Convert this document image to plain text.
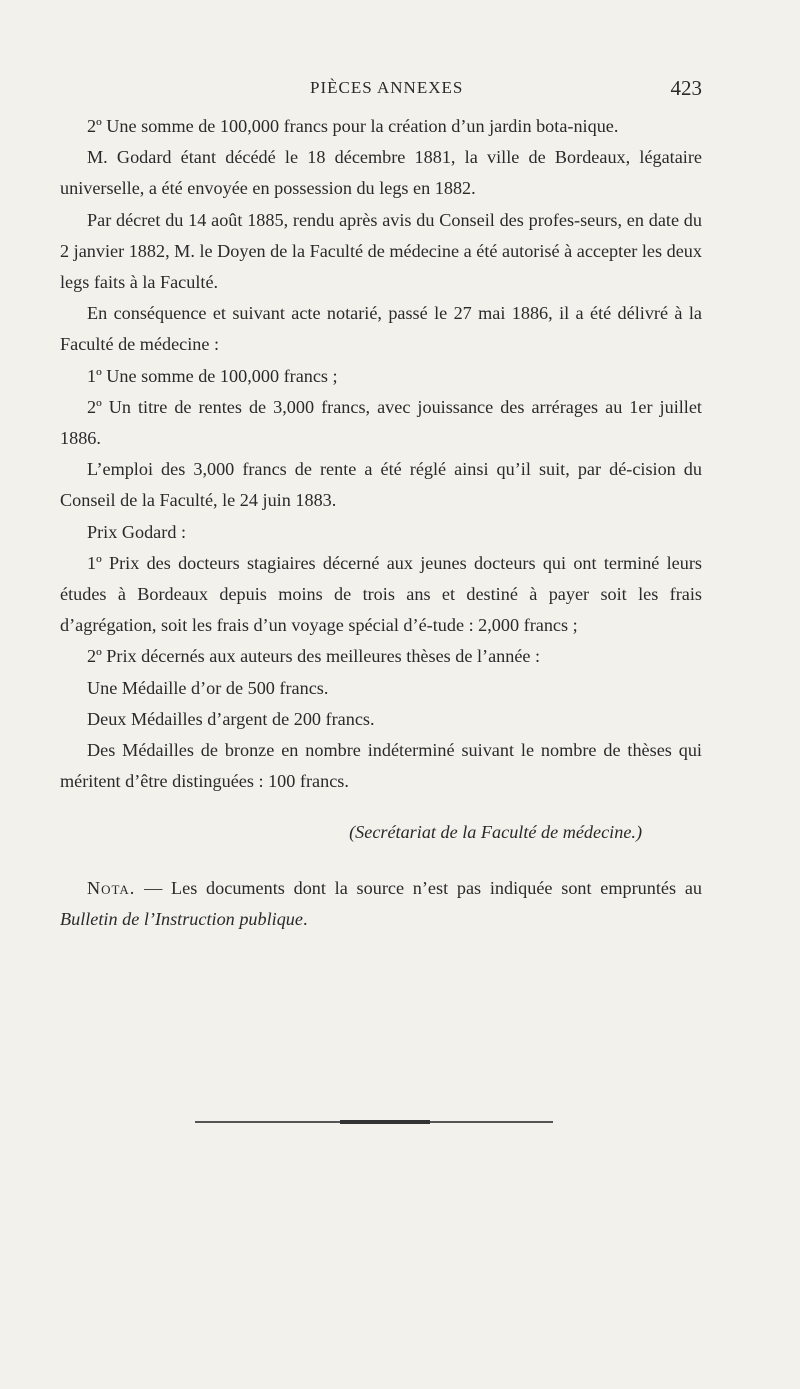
PIÈCES ANNEXES	423

2º Une somme de 100,000 francs pour la création d’un jardin bota-nique.

M. Godard étant décédé le 18 décembre 1881, la ville de Bordeaux, légataire universelle, a été envoyée en possession du legs en 1882.

Par décret du 14 août 1885, rendu après avis du Conseil des profes-seurs, en date du 2 janvier 1882, M. le Doyen de la Faculté de médecine a été autorisé à accepter les deux legs faits à la Faculté.

En conséquence et suivant acte notarié, passé le 27 mai 1886, il a été délivré à la Faculté de médecine :

1º Une somme de 100,000 francs ;

2º Un titre de rentes de 3,000 francs, avec jouissance des arrérages au 1er juillet 1886.

L’emploi des 3,000 francs de rente a été réglé ainsi qu’il suit, par dé-cision du Conseil de la Faculté, le 24 juin 1883.

Prix Godard :

1º Prix des docteurs stagiaires décerné aux jeunes docteurs qui ont terminé leurs études à Bordeaux depuis moins de trois ans et destiné à payer soit les frais d’agrégation, soit les frais d’un voyage spécial d’é-tude : 2,000 francs ;

2º Prix décernés aux auteurs des meilleures thèses de l’année :

Une Médaille d’or de 500 francs.

Deux Médailles d’argent de 200 francs.

Des Médailles de bronze en nombre indéterminé suivant le nombre de thèses qui méritent d’être distinguées : 100 francs.

(Secrétariat de la Faculté de médecine.)

Nota. — Les documents dont la source n’est pas indiquée sont empruntés au Bulletin de l’Instruction publique.
